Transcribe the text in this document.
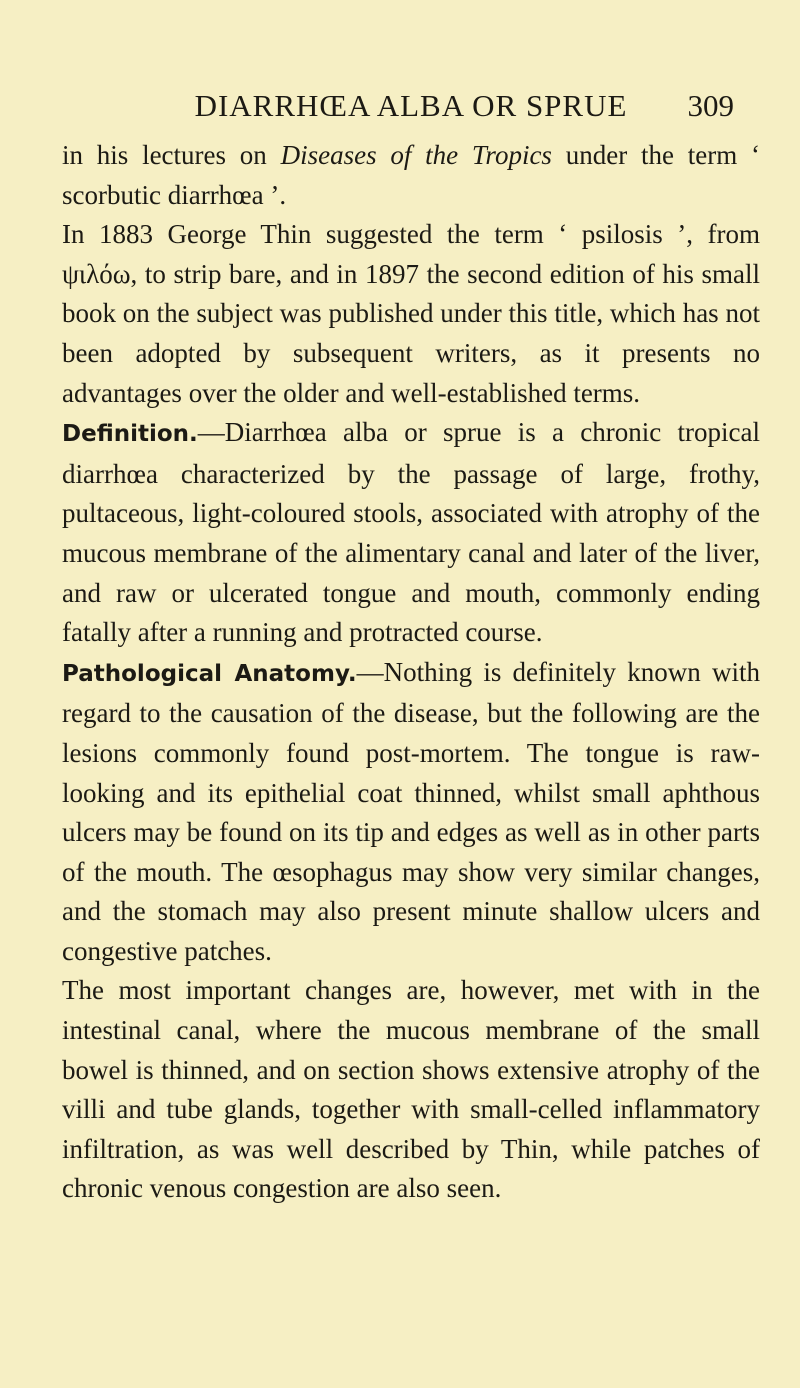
DIARRHŒA ALBA OR SPRUE	309

in his lectures on Diseases of the Tropics under the term ‘ scorbutic diarrhœa ’.

In 1883 George Thin suggested the term ‘ psilosis ’, from ψιλόω, to strip bare, and in 1897 the second edition of his small book on the subject was published under this title, which has not been adopted by subsequent writers, as it presents no advantages over the older and well-established terms.

Definition.—Diarrhœa alba or sprue is a chronic tropical diarrhœa characterized by the passage of large, frothy, pultaceous, light-coloured stools, associated with atrophy of the mucous membrane of the alimentary canal and later of the liver, and raw or ulcerated tongue and mouth, commonly ending fatally after a running and protracted course.

Pathological Anatomy.—Nothing is definitely known with regard to the causation of the disease, but the following are the lesions commonly found post-mortem. The tongue is raw-looking and its epithelial coat thinned, whilst small aphthous ulcers may be found on its tip and edges as well as in other parts of the mouth. The œsophagus may show very similar changes, and the stomach may also present minute shallow ulcers and congestive patches.

The most important changes are, however, met with in the intestinal canal, where the mucous membrane of the small bowel is thinned, and on section shows extensive atrophy of the villi and tube glands, together with small-celled inflammatory infiltration, as was well described by Thin, while patches of chronic venous congestion are also seen.
